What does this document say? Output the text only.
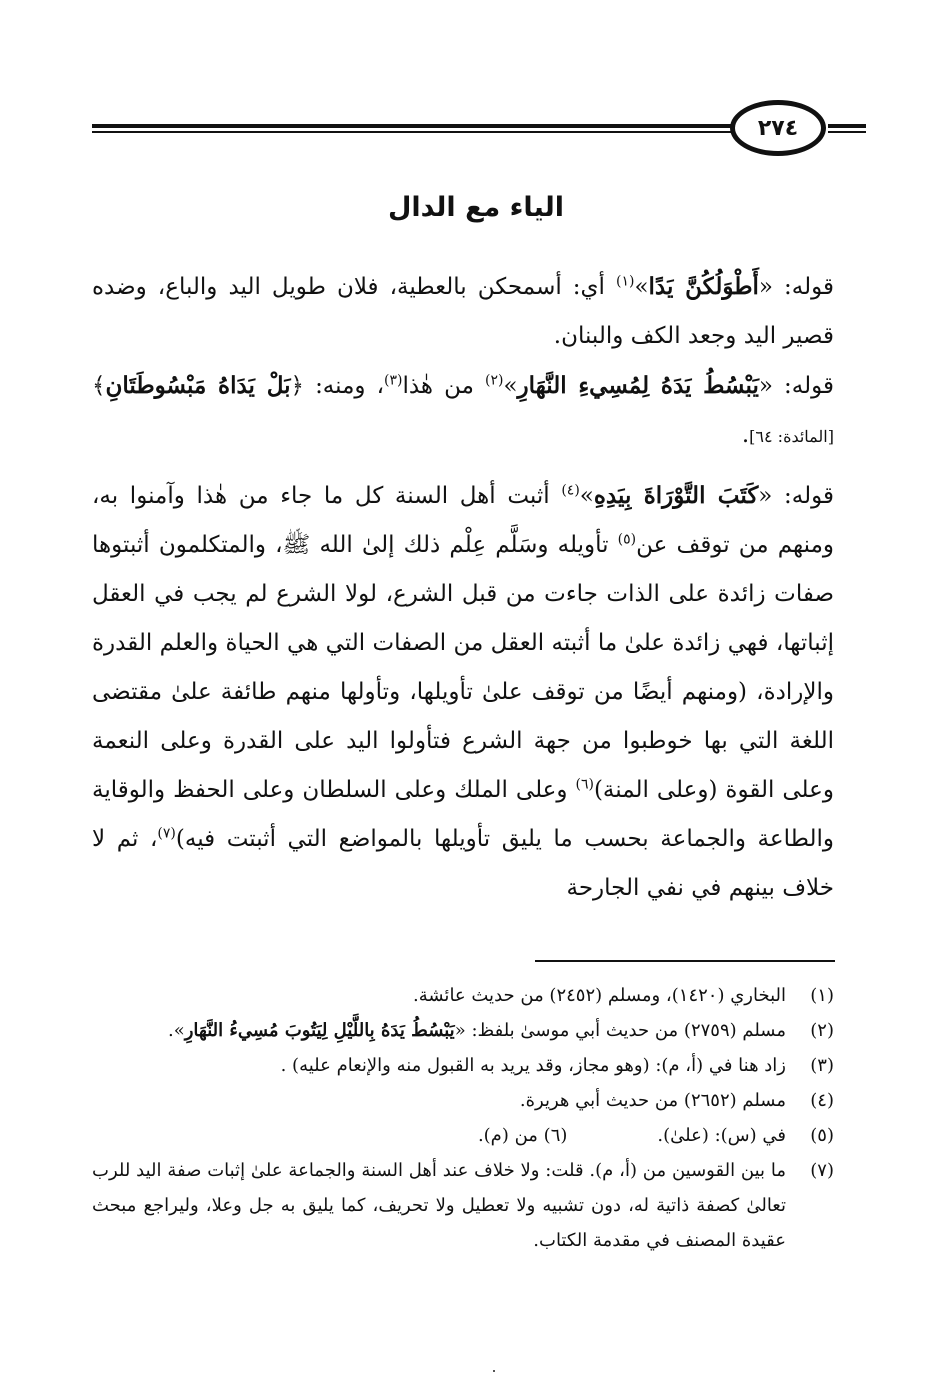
٢٧٤
الياء مع الدال

قوله: «أَطْوَلُكُنَّ يَدًا»$^{(١)}$ أي: أسمحكن بالعطية، فلان طويل اليد والباع، وضده قصير اليد وجعد الكف والبنان.

قوله: «يَبْسُطُ يَدَهُ لِمُسِيءِ النَّهَارِ»$^{(٢)}$ من هٰذا$^{(٣)}$، ومنه: ﴿بَلْ يَدَاهُ مَبْسُوطَتَانِ﴾ [المائدة: ٦٤].

قوله: «كَتَبَ التَّوْرَاةَ بِيَدِهِ»$^{(٤)}$ أثبت أهل السنة كل ما جاء من هٰذا وآمنوا به، ومنهم من توقف عن$^{(٥)}$ تأويله وسَلَّم عِلْم ذلك إلىٰ الله ﷺ، والمتكلمون أثبتوها صفات زائدة على الذات جاءت من قبل الشرع، لولا الشرع لم يجب في العقل إثباتها، فهي زائدة علىٰ ما أثبته العقل من الصفات التي هي الحياة والعلم القدرة والإرادة، (ومنهم أيضًا من توقف علىٰ تأويلها، وتأولها منهم طائفة علىٰ مقتضى اللغة التي بها خوطبوا من جهة الشرع فتأولوا اليد على القدرة وعلى النعمة وعلى القوة (وعلى المنة)$^{(٦)}$ وعلى الملك وعلى السلطان وعلى الحفظ والوقاية والطاعة والجماعة بحسب ما يليق تأويلها بالمواضع التي أثبتت فيه)$^{(٧)}$، ثم لا خلاف بينهم في نفي الجارحة

(١)
البخاري (١٤٢٠)، ومسلم (٢٤٥٢) من حديث عائشة.
(٢)
مسلم (٢٧٥٩) من حديث أبي موسىٰ بلفظ: «يَبْسُطُ يَدَهُ بِاللَّيْلِ لِيَتُوبَ مُسِيءُ النَّهَارِ».
(٣)
زاد هنا في (أ، م): (وهو مجاز، وقد يريد به القبول منه والإنعام عليه) .
(٤)
مسلم (٢٦٥٢) من حديث أبي هريرة.
(٥)
في (س): (علىٰ).(٦) من (م).
(٧)
ما بين القوسين من (أ، م). قلت: ولا خلاف عند أهل السنة والجماعة علىٰ إثبات صفة اليد للرب تعالىٰ كصفة ذاتية له، دون تشبيه ولا تعطيل ولا تحريف، كما يليق به جل وعلا، وليراجع مبحث عقيدة المصنف في مقدمة الكتاب.
